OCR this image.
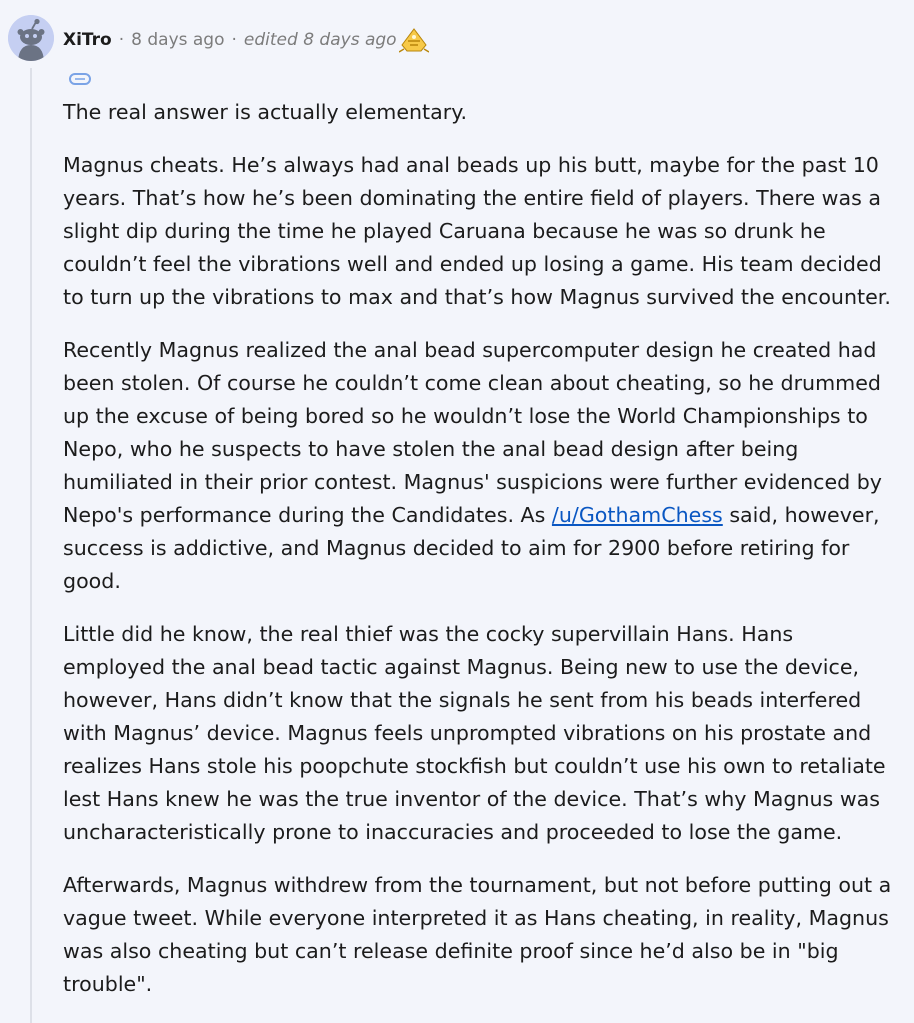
XiTro · 8 days ago · edited 8 days ago

The real answer is actually elementary.

Magnus cheats. He’s always had anal beads up his butt, maybe for the past 10 years. That’s how he’s been dominating the entire field of players. There was a slight dip during the time he played Caruana because he was so drunk he couldn’t feel the vibrations well and ended up losing a game. His team decided to turn up the vibrations to max and that’s how Magnus survived the encounter.

Recently Magnus realized the anal bead supercomputer design he created had been stolen. Of course he couldn’t come clean about cheating, so he drummed up the excuse of being bored so he wouldn’t lose the World Championships to Nepo, who he suspects to have stolen the anal bead design after being humiliated in their prior contest. Magnus' suspicions were further evidenced by Nepo's performance during the Candidates. As /u/GothamChess said, however, success is addictive, and Magnus decided to aim for 2900 before retiring for good.

Little did he know, the real thief was the cocky supervillain Hans. Hans employed the anal bead tactic against Magnus. Being new to use the device, however, Hans didn’t know that the signals he sent from his beads interfered with Magnus’ device. Magnus feels unprompted vibrations on his prostate and realizes Hans stole his poopchute stockfish but couldn’t use his own to retaliate lest Hans knew he was the true inventor of the device. That’s why Magnus was uncharacteristically prone to inaccuracies and proceeded to lose the game.

Afterwards, Magnus withdrew from the tournament, but not before putting out a vague tweet. While everyone interpreted it as Hans cheating, in reality, Magnus was also cheating but can’t release definite proof since he’d also be in "big trouble".
